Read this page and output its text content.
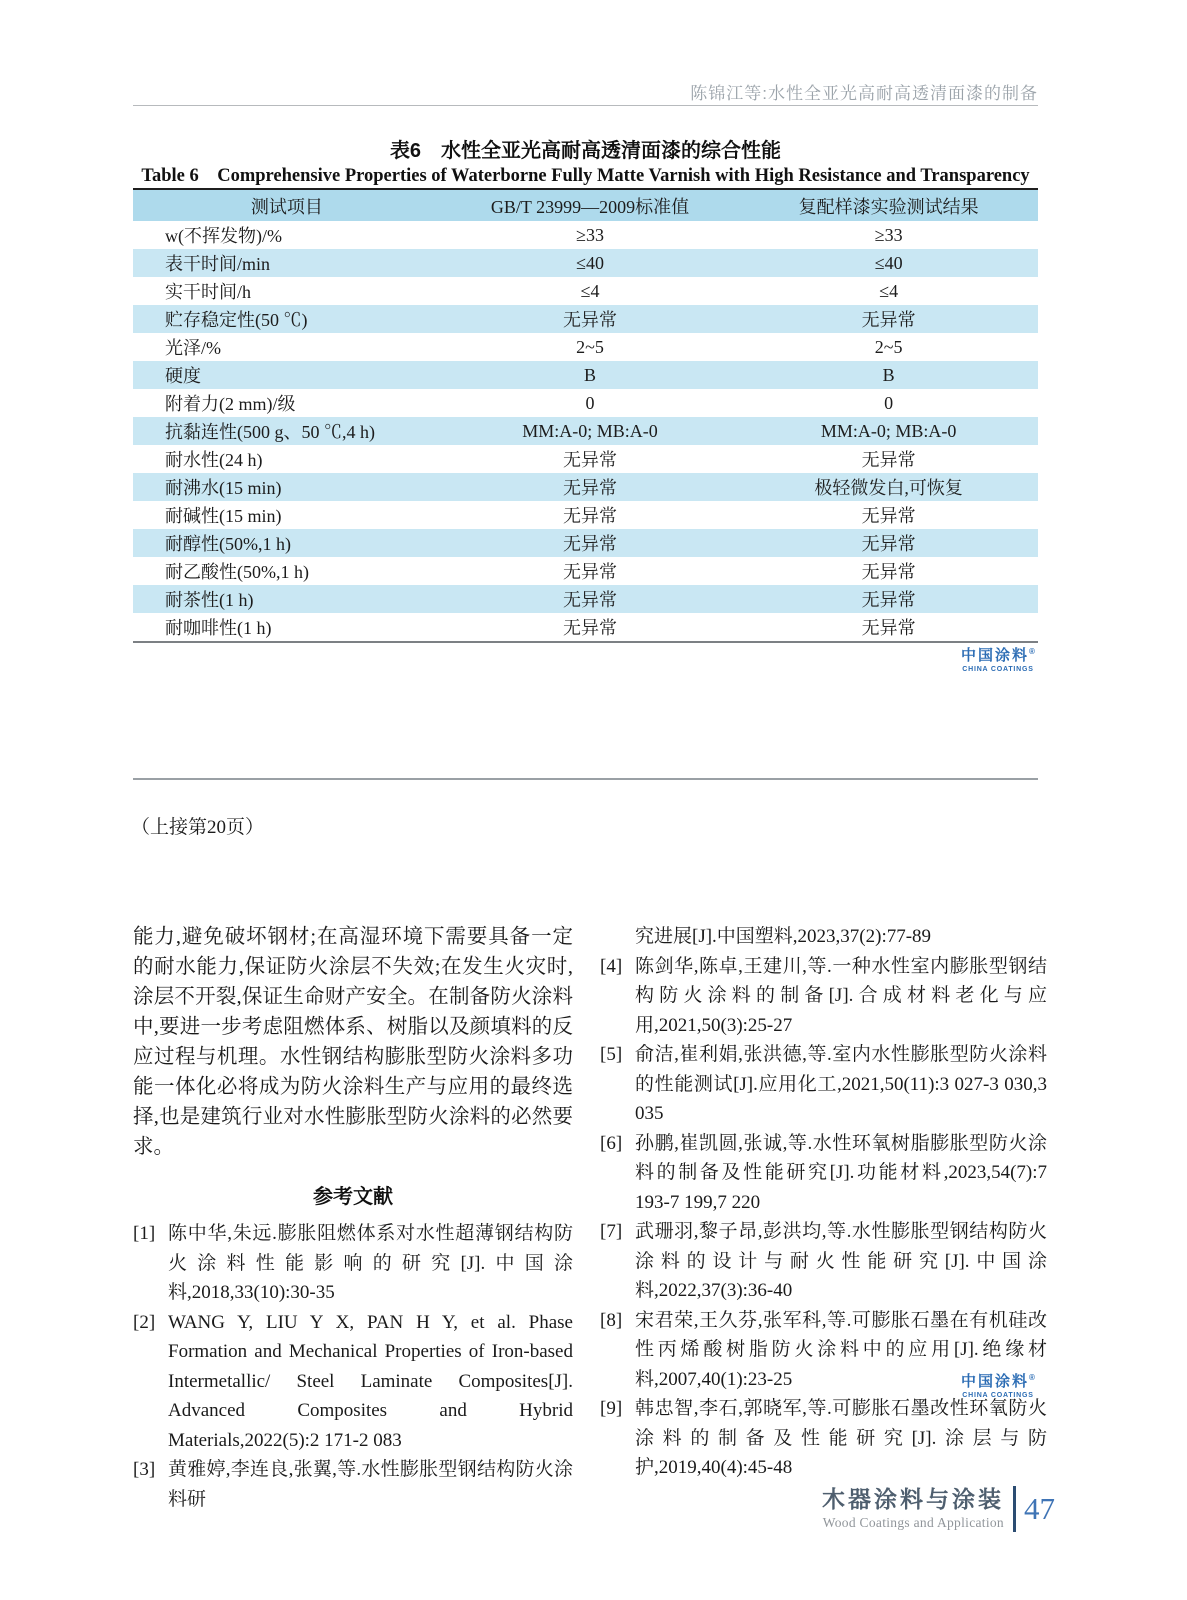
陈锦江等:水性全亚光高耐高透清面漆的制备
表6　水性全亚光高耐高透清面漆的综合性能
Table 6　Comprehensive Properties of Waterborne Fully Matte Varnish with High Resistance and Transparency
测试项目	GB/T 23999—2009标准值	复配样漆实验测试结果
w(不挥发物)/%	≥33	≥33
表干时间/min	≤40	≤40
实干时间/h	≤4	≤4
贮存稳定性(50 ℃)	无异常	无异常
光泽/%	2~5	2~5
硬度	B	B
附着力(2 mm)/级	0	0
抗黏连性(500 g、50 ℃,4 h)	MM:A-0; MB:A-0	MM:A-0; MB:A-0
耐水性(24 h)	无异常	无异常
耐沸水(15 min)	无异常	极轻微发白,可恢复
耐碱性(15 min)	无异常	无异常
耐醇性(50%,1 h)	无异常	无异常
耐乙酸性(50%,1 h)	无异常	无异常
耐茶性(1 h)	无异常	无异常
耐咖啡性(1 h)	无异常	无异常
中国涂料®
CHINA COATINGS
（上接第20页）

能力,避免破坏钢材;在高湿环境下需要具备一定的耐水能力,保证防火涂层不失效;在发生火灾时,涂层不开裂,保证生命财产安全。在制备防火涂料中,要进一步考虑阻燃体系、树脂以及颜填料的反应过程与机理。水性钢结构膨胀型防火涂料多功能一体化必将成为防火涂料生产与应用的最终选择,也是建筑行业对水性膨胀型防火涂料的必然要求。

参考文献
[1] 陈中华,朱远.膨胀阻燃体系对水性超薄钢结构防火涂料性能影响的研究[J].中国涂料,2018,33(10):30-35
[2] WANG Y, LIU Y X, PAN H Y, et al. Phase Formation and Mechanical Properties of Iron-based Intermetallic/ Steel Laminate Composites[J]. Advanced Composites and Hybrid Materials,2022(5):2 171-2 083
[3] 黄雅婷,李连良,张翼,等.水性膨胀型钢结构防火涂料研
究进展[J].中国塑料,2023,37(2):77-89
[4] 陈剑华,陈卓,王建川,等.一种水性室内膨胀型钢结构防火涂料的制备[J].合成材料老化与应用,2021,50(3):25-27
[5] 俞洁,崔利娟,张洪德,等.室内水性膨胀型防火涂料的性能测试[J].应用化工,2021,50(11):3 027-3 030,3 035
[6] 孙鹏,崔凯圆,张诚,等.水性环氧树脂膨胀型防火涂料的制备及性能研究[J].功能材料,2023,54(7):7 193-7 199,7 220
[7] 武珊羽,黎子昂,彭洪均,等.水性膨胀型钢结构防火涂料的设计与耐火性能研究[J].中国涂料,2022,37(3):36-40
[8] 宋君荣,王久芬,张军科,等.可膨胀石墨在有机硅改性丙烯酸树脂防火涂料中的应用[J].绝缘材料,2007,40(1):23-25
[9] 韩忠智,李石,郭晓军,等.可膨胀石墨改性环氧防火涂料的制备及性能研究[J].涂层与防护,2019,40(4):45-48
中国涂料®
CHINA COATINGS
木器涂料与涂装
Wood Coatings and Application 47
